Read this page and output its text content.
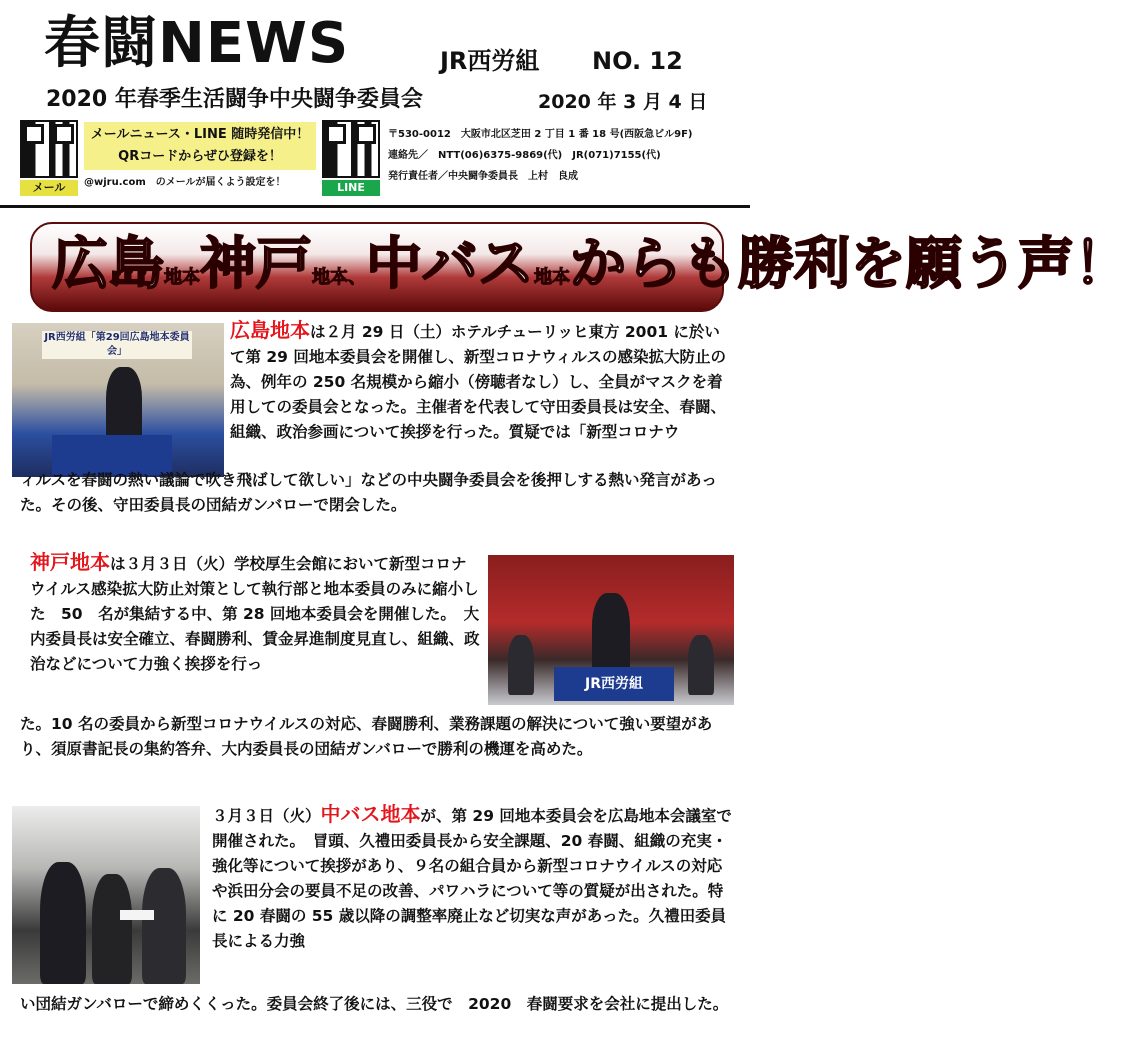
春闘NEWS	JR西労組 NO. 12
2020 年春季生活闘争中央闘争委員会	2020 年 3 月 4 日
メール
メールニュース・LINE 随時発信中！
QRコードからぜひ登録を！
@wjru.com　のメールが届くよう設定を！	LINE
〒530-0012　大阪市北区芝田 2 丁目 1 番 18 号(西阪急ビル9F)
連絡先／　NTT(06)6375-9869(代)　JR(071)7155(代)
発行責任者／中央闘争委員長　上村　良成
広島地本神戸地本、中バス地本からも勝利を願う声！
JR西労組「第29回広島地本委員会」
JR西労組
広島地本は２月 29 日（土）ホテルチューリッヒ東方 2001 に於いて第 29 回地本委員会を開催し、新型コロナウィルスの感染拡大防止の為、例年の 250 名規模から縮小（傍聴者なし）し、全員がマスクを着用しての委員会となった。主催者を代表して守田委員長は安全、春闘、組織、政治参画について挨拶を行った。質疑では「新型コロナウ
ィルスを春闘の熱い議論で吹き飛ばして欲しい」などの中央闘争委員会を後押しする熱い発言があった。その後、守田委員長の団結ガンバローで閉会した。
神戸地本は３月３日（火）学校厚生会館において新型コロナウイルス感染拡大防止対策として執行部と地本委員のみに縮小した　50　名が集結する中、第 28 回地本委員会を開催した。　大内委員長は安全確立、春闘勝利、賃金昇進制度見直し、組織、政治などについて力強く挨拶を行っ
た。10 名の委員から新型コロナウイルスの対応、春闘勝利、業務課題の解決について強い要望があり、須原書記長の集約答弁、大内委員長の団結ガンバローで勝利の機運を高めた。
３月３日（火）中バス地本が、第 29 回地本委員会を広島地本会議室で開催された。　冒頭、久禮田委員長から安全課題、20 春闘、組織の充実・強化等について挨拶があり、９名の組合員から新型コロナウイルスの対応や浜田分会の要員不足の改善、パワハラについて等の質疑が出された。特に 20 春闘の 55 歳以降の調整率廃止など切実な声があった。久禮田委員長による力強
い団結ガンバローで締めくくった。委員会終了後には、三役で　2020　春闘要求を会社に提出した。
